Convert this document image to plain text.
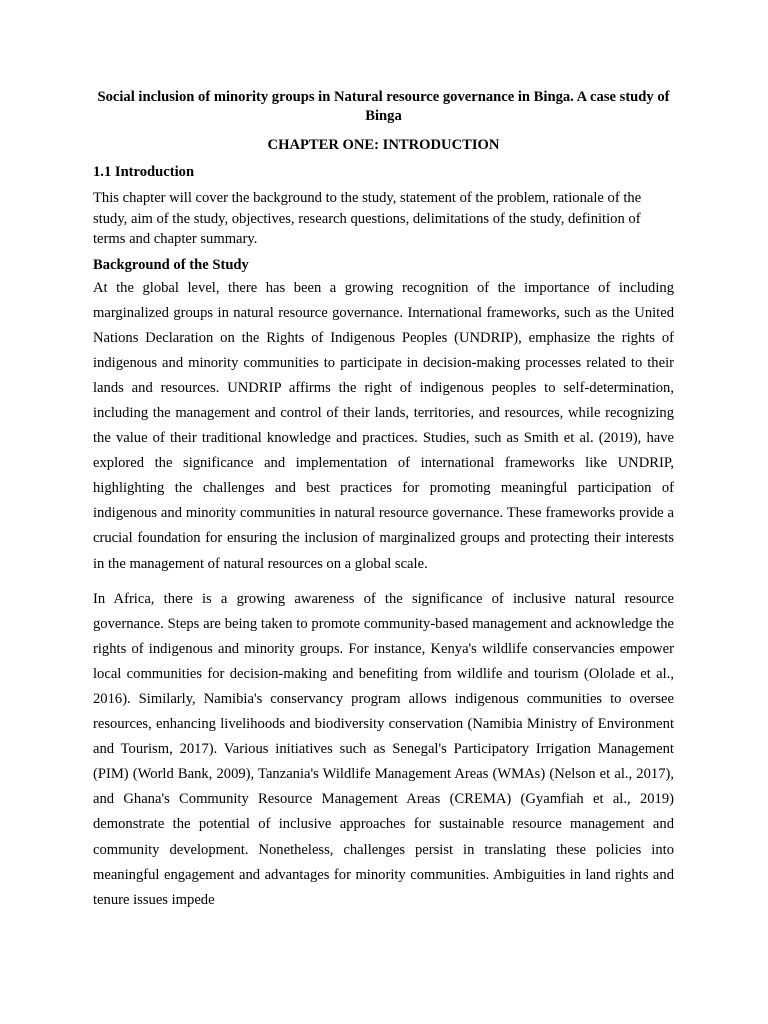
Social inclusion of minority groups in Natural resource governance in Binga. A case study of Binga
CHAPTER ONE: INTRODUCTION
1.1 Introduction

This chapter will cover the background to the study, statement of the problem, rationale of the study, aim of the study, objectives, research questions, delimitations of the study, definition of terms and chapter summary.

Background of the Study

At the global level, there has been a growing recognition of the importance of including marginalized groups in natural resource governance. International frameworks, such as the United Nations Declaration on the Rights of Indigenous Peoples (UNDRIP), emphasize the rights of indigenous and minority communities to participate in decision-making processes related to their lands and resources. UNDRIP affirms the right of indigenous peoples to self-determination, including the management and control of their lands, territories, and resources, while recognizing the value of their traditional knowledge and practices. Studies, such as Smith et al. (2019), have explored the significance and implementation of international frameworks like UNDRIP, highlighting the challenges and best practices for promoting meaningful participation of indigenous and minority communities in natural resource governance. These frameworks provide a crucial foundation for ensuring the inclusion of marginalized groups and protecting their interests in the management of natural resources on a global scale.

In Africa, there is a growing awareness of the significance of inclusive natural resource governance. Steps are being taken to promote community-based management and acknowledge the rights of indigenous and minority groups. For instance, Kenya's wildlife conservancies empower local communities for decision-making and benefiting from wildlife and tourism (Ololade et al., 2016). Similarly, Namibia's conservancy program allows indigenous communities to oversee resources, enhancing livelihoods and biodiversity conservation (Namibia Ministry of Environment and Tourism, 2017). Various initiatives such as Senegal's Participatory Irrigation Management (PIM) (World Bank, 2009), Tanzania's Wildlife Management Areas (WMAs) (Nelson et al., 2017), and Ghana's Community Resource Management Areas (CREMA) (Gyamfiah et al., 2019) demonstrate the potential of inclusive approaches for sustainable resource management and community development. Nonetheless, challenges persist in translating these policies into meaningful engagement and advantages for minority communities. Ambiguities in land rights and tenure issues impede
